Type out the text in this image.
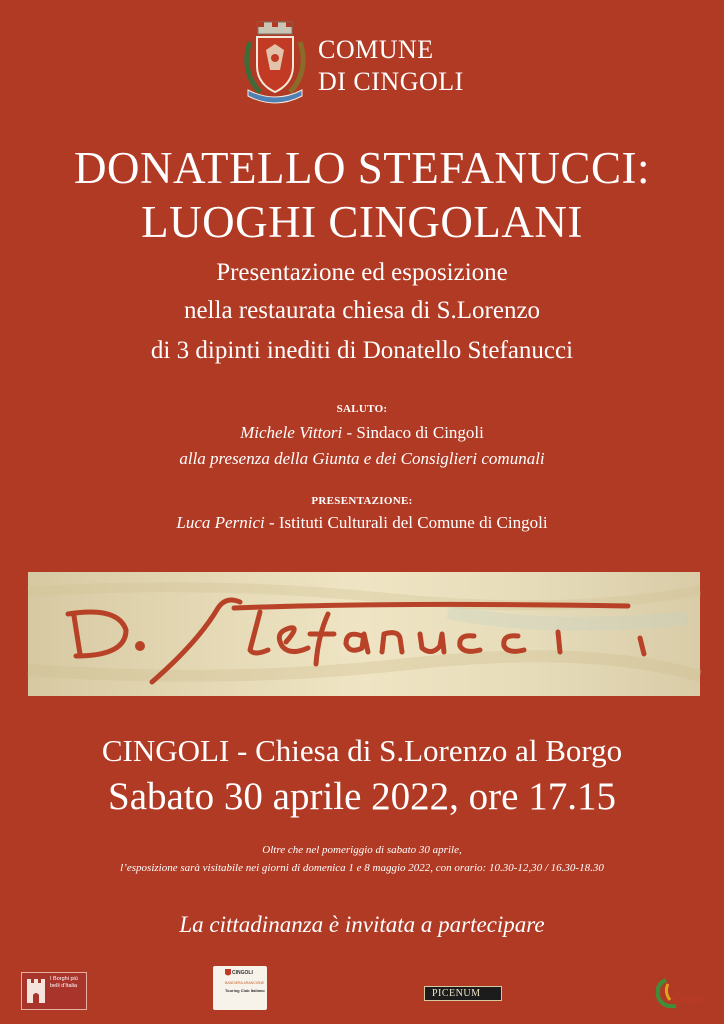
COMUNE
DI CINGOLI
DONATELLO STEFANUCCI:
LUOGHI CINGOLANI
Presentazione ed esposizione
nella restaurata chiesa di S.Lorenzo
di 3 dipinti inediti di Donatello Stefanucci
SALUTO:
Michele Vittori - Sindaco di Cingoli
alla presenza della Giunta e dei Consiglieri comunali
PRESENTAZIONE:
Luca Pernici - Istituti Culturali del Comune di Cingoli
CINGOLI - Chiesa di S.Lorenzo al Borgo
Sabato 30 aprile 2022, ore 17.15
Oltre che nel pomeriggio di sabato 30 aprile,
l’esposizione sarà visitabile nei giorni di domenica 1 e 8 maggio 2022, con orario: 10.30-12,30 / 16.30-18.30
La cittadinanza è invitata a partecipare
I Borghi più belli d'Italia
CINGOLI
BANDIERA ARANCIONE
Touring Club Italiano	PICENUM	Cingoli
